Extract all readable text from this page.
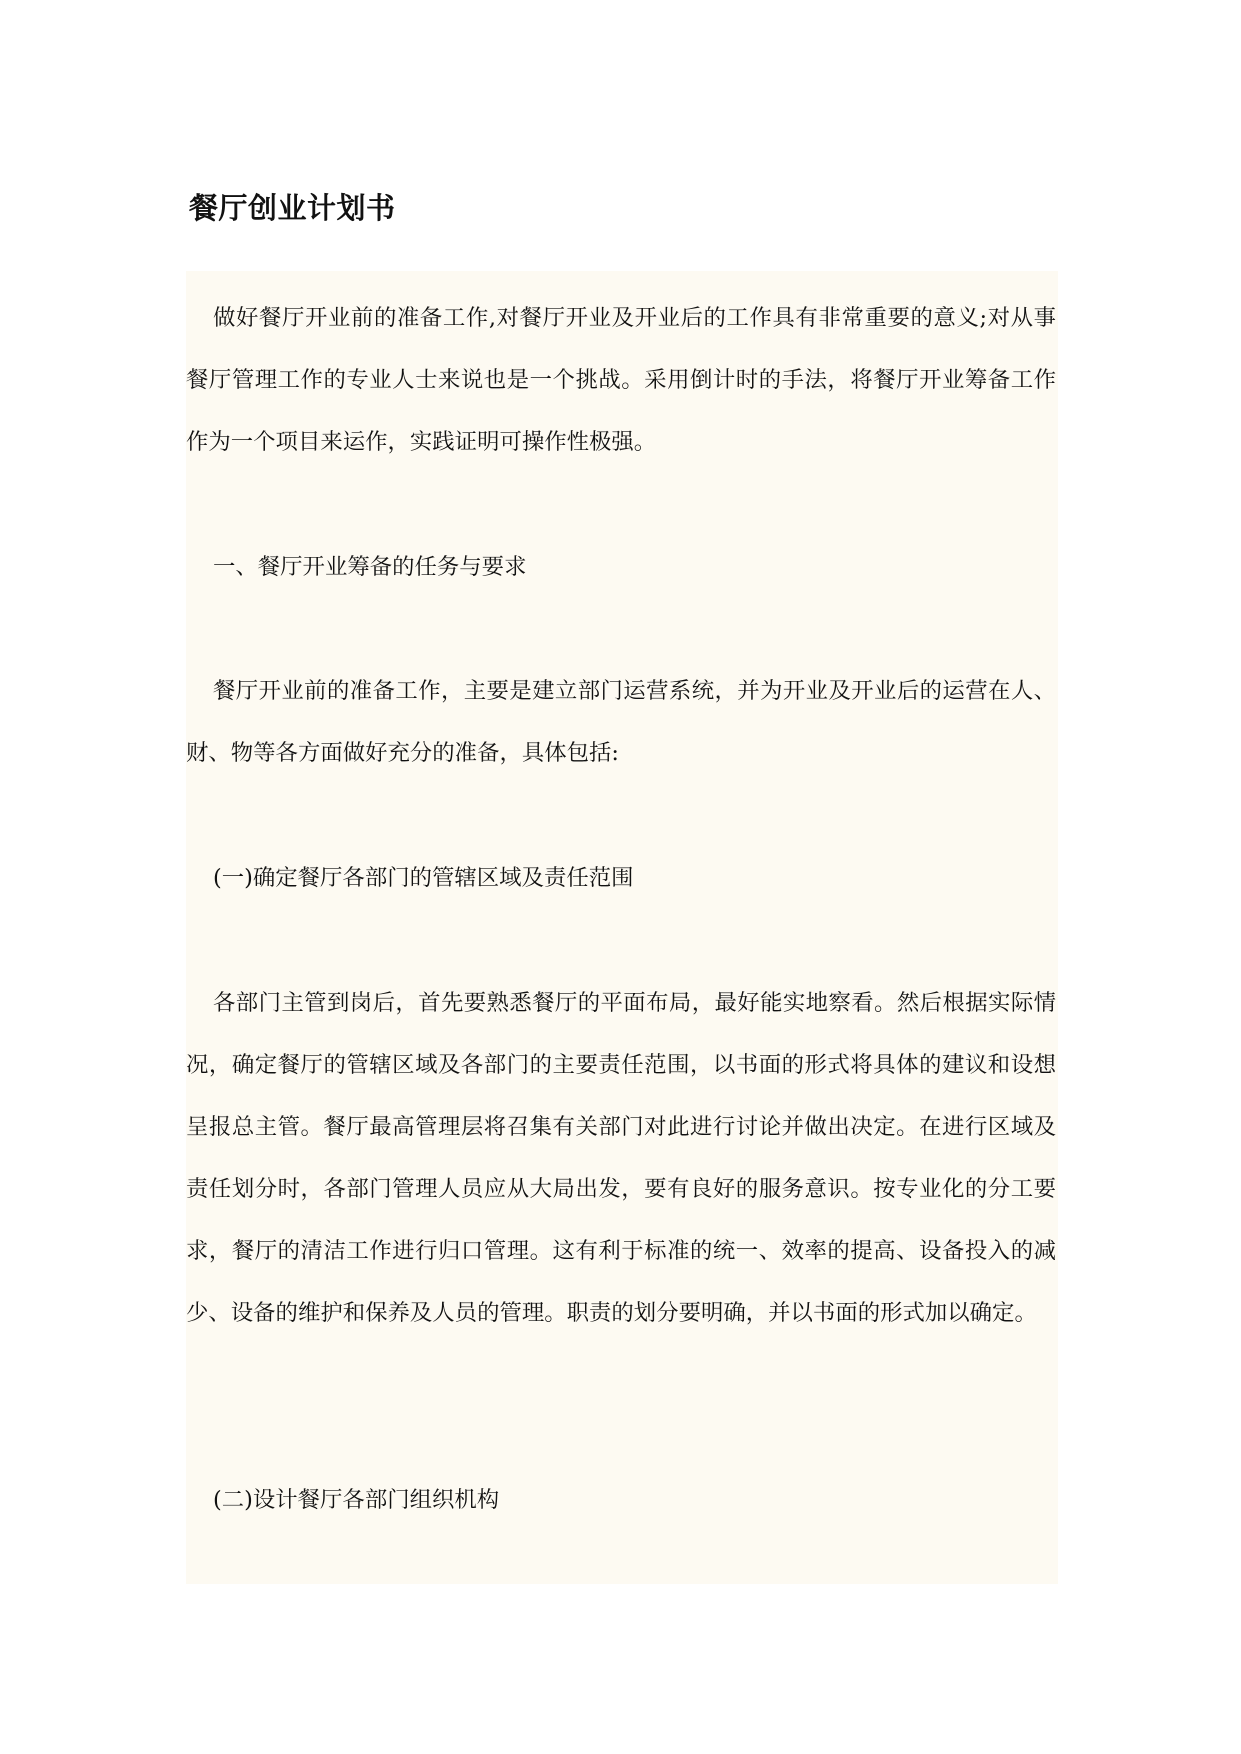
餐厅创业计划书

做好餐厅开业前的准备工作,对餐厅开业及开业后的工作具有非常重要的意义;对从事餐厅管理工作的专业人士来说也是一个挑战。采用倒计时的手法，将餐厅开业筹备工作作为一个项目来运作，实践证明可操作性极强。

一、餐厅开业筹备的任务与要求

餐厅开业前的准备工作，主要是建立部门运营系统，并为开业及开业后的运营在人、财、物等各方面做好充分的准备，具体包括:

(一)确定餐厅各部门的管辖区域及责任范围

各部门主管到岗后，首先要熟悉餐厅的平面布局，最好能实地察看。然后根据实际情况，确定餐厅的管辖区域及各部门的主要责任范围，以书面的形式将具体的建议和设想呈报总主管。餐厅最高管理层将召集有关部门对此进行讨论并做出决定。在进行区域及责任划分时，各部门管理人员应从大局出发，要有良好的服务意识。按专业化的分工要求，餐厅的清洁工作进行归口管理。这有利于标准的统一、效率的提高、设备投入的减少、设备的维护和保养及人员的管理。职责的划分要明确，并以书面的形式加以确定。

(二)设计餐厅各部门组织机构
